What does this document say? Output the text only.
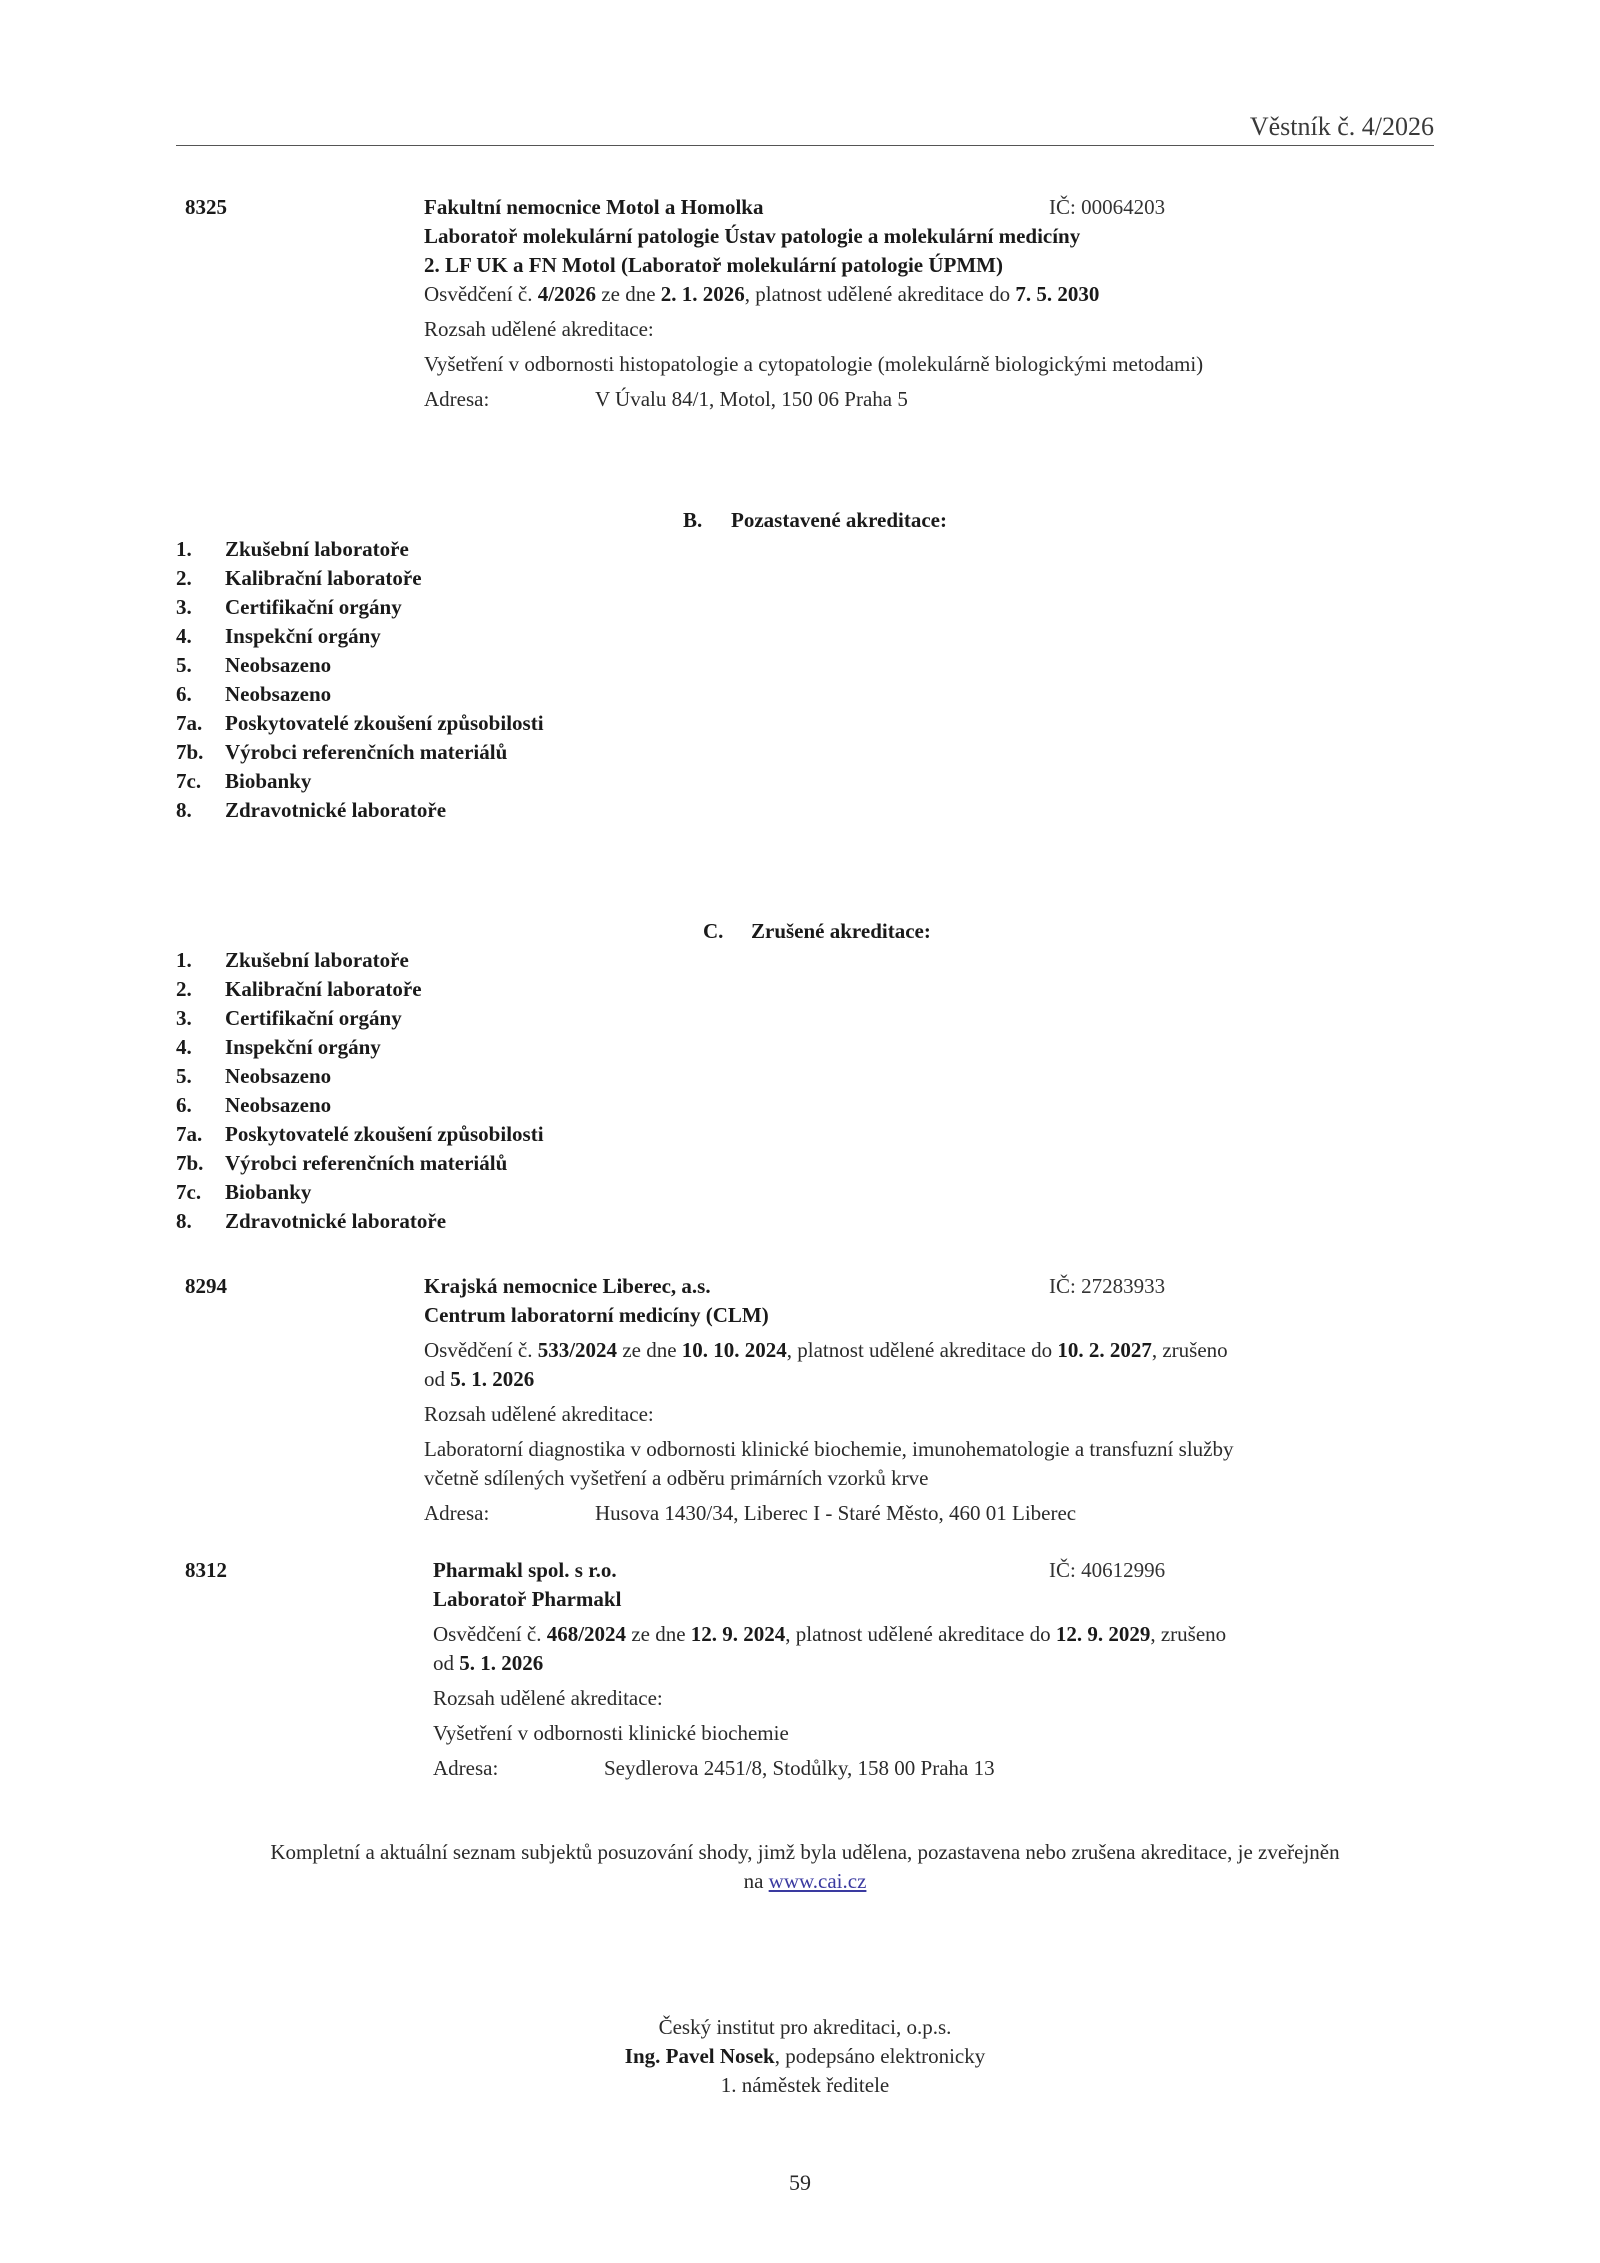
Věstník č. 4/2026
8325	Fakultní nemocnice Motol a Homolka	IČ: 00064203
Laboratoř molekulární patologie Ústav patologie a molekulární medicíny
2. LF UK a FN Motol (Laboratoř molekulární patologie ÚPMM)
Osvědčení č. 4/2026 ze dne 2. 1. 2026, platnost udělené akreditace do 7. 5. 2030
Rozsah udělené akreditace:
Vyšetření v odbornosti histopatologie a cytopatologie (molekulárně biologickými metodami)
Adresa:	V Úvalu 84/1, Motol, 150 06 Praha 5
B. Pozastavené akreditace:
1. Zkušební laboratoře
2. Kalibrační laboratoře
3. Certifikační orgány
4. Inspekční orgány
5. Neobsazeno
6. Neobsazeno
7a. Poskytovatelé zkoušení způsobilosti
7b. Výrobci referenčních materiálů
7c. Biobanky
8. Zdravotnické laboratoře
C. Zrušené akreditace:
1. Zkušební laboratoře
2. Kalibrační laboratoře
3. Certifikační orgány
4. Inspekční orgány
5. Neobsazeno
6. Neobsazeno
7a. Poskytovatelé zkoušení způsobilosti
7b. Výrobci referenčních materiálů
7c. Biobanky
8. Zdravotnické laboratoře
8294	Krajská nemocnice Liberec, a.s.	IČ: 27283933
Centrum laboratorní medicíny (CLM)
Osvědčení č. 533/2024 ze dne 10. 10. 2024, platnost udělené akreditace do 10. 2. 2027, zrušeno
od 5. 1. 2026
Rozsah udělené akreditace:
Laboratorní diagnostika v odbornosti klinické biochemie, imunohematologie a transfuzní služby
včetně sdílených vyšetření a odběru primárních vzorků krve
Adresa:	Husova 1430/34, Liberec I - Staré Město, 460 01 Liberec
8312	Pharmakl spol. s r.o.	IČ: 40612996
Laboratoř Pharmakl
Osvědčení č. 468/2024 ze dne 12. 9. 2024, platnost udělené akreditace do 12. 9. 2029, zrušeno
od 5. 1. 2026
Rozsah udělené akreditace:
Vyšetření v odbornosti klinické biochemie
Adresa:	Seydlerova 2451/8, Stodůlky, 158 00 Praha 13
Kompletní a aktuální seznam subjektů posuzování shody, jimž byla udělena, pozastavena nebo zrušena akreditace, je zveřejněn
na www.cai.cz
Český institut pro akreditaci, o.p.s.
Ing. Pavel Nosek, podepsáno elektronicky
1. náměstek ředitele
59
